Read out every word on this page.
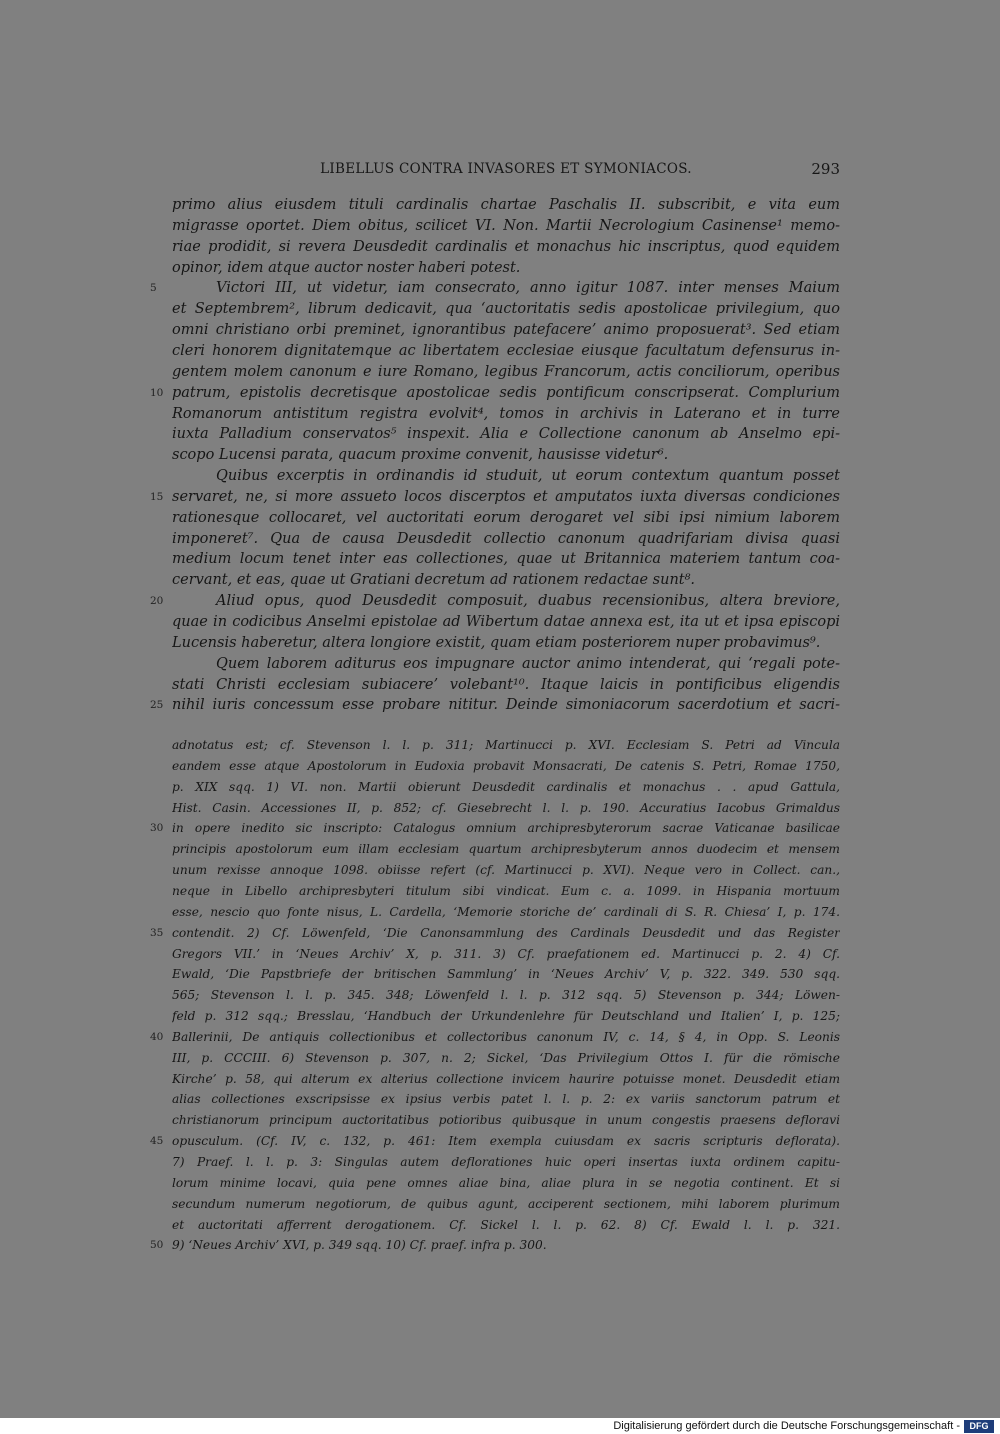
LIBELLUS CONTRA INVASORES ET SYMONIACOS.	293
primo alius eiusdem tituli cardinalis chartae Paschalis II. subscribit, e vita eum
migrasse oportet. Diem obitus, scilicet VI. Non. Martii Necrologium Casinense¹ memo-
riae prodidit, si revera Deusdedit cardinalis et monachus hic inscriptus, quod equidem
opinor, idem atque auctor noster haberi potest.
Victori III, ut videtur, iam consecrato, anno igitur 1087. inter menses Maium
5
et Septembrem², librum dedicavit, qua ‘auctoritatis sedis apostolicae privilegium, quo
omni christiano orbi preminet, ignorantibus patefacere’ animo proposuerat³. Sed etiam
cleri honorem dignitatemque ac libertatem ecclesiae eiusque facultatum defensurus in-
gentem molem canonum e iure Romano, legibus Francorum, actis conciliorum, operibus
patrum, epistolis decretisque apostolicae sedis pontificum conscripserat. Complurium
10
Romanorum antistitum registra evolvit⁴, tomos in archivis in Laterano et in turre
iuxta Palladium conservatos⁵ inspexit. Alia e Collectione canonum ab Anselmo epi-
scopo Lucensi parata, quacum proxime convenit, hausisse videtur⁶.
Quibus excerptis in ordinandis id studuit, ut eorum contextum quantum posset
servaret, ne, si more assueto locos discerptos et amputatos iuxta diversas condiciones
15
rationesque collocaret, vel auctoritati eorum derogaret vel sibi ipsi nimium laborem
imponeret⁷. Qua de causa Deusdedit collectio canonum quadrifariam divisa quasi
medium locum tenet inter eas collectiones, quae ut Britannica materiem tantum coa-
cervant, et eas, quae ut Gratiani decretum ad rationem redactae sunt⁸.
Aliud opus, quod Deusdedit composuit, duabus recensionibus, altera breviore,
20
quae in codicibus Anselmi epistolae ad Wibertum datae annexa est, ita ut et ipsa episcopi
Lucensis haberetur, altera longiore existit, quam etiam posteriorem nuper probavimus⁹.
Quem laborem aditurus eos impugnare auctor animo intenderat, qui ‘regali pote-
stati Christi ecclesiam subiacere’ volebant¹⁰. Itaque laicis in pontificibus eligendis
nihil iuris concessum esse probare nititur. Deinde simoniacorum sacerdotium et sacri-
25
adnotatus est; cf. Stevenson l. l. p. 311; Martinucci p. XVI. Ecclesiam S. Petri ad Vincula
eandem esse atque Apostolorum in Eudoxia probavit Monsacrati, De catenis S. Petri, Romae 1750,
p. XIX sqq. 1) VI. non. Martii obierunt Deusdedit cardinalis et monachus . . apud Gattula,
Hist. Casin. Accessiones II, p. 852; cf. Giesebrecht l. l. p. 190. Accuratius Iacobus Grimaldus
in opere inedito sic inscripto: Catalogus omnium archipresbyterorum sacrae Vaticanae basilicae
30
principis apostolorum eum illam ecclesiam quartum archipresbyterum annos duodecim et mensem
unum rexisse annoque 1098. obiisse refert (cf. Martinucci p. XVI). Neque vero in Collect. can.,
neque in Libello archipresbyteri titulum sibi vindicat. Eum c. a. 1099. in Hispania mortuum
esse, nescio quo fonte nisus, L. Cardella, ‘Memorie storiche de’ cardinali di S. R. Chiesa’ I, p. 174.
contendit. 2) Cf. Löwenfeld, ‘Die Canonsammlung des Cardinals Deusdedit und das Register
35
Gregors VII.’ in ‘Neues Archiv’ X, p. 311. 3) Cf. praefationem ed. Martinucci p. 2. 4) Cf.
Ewald, ‘Die Papstbriefe der britischen Sammlung’ in ‘Neues Archiv’ V, p. 322. 349. 530 sqq.
565; Stevenson l. l. p. 345. 348; Löwenfeld l. l. p. 312 sqq. 5) Stevenson p. 344; Löwen-
feld p. 312 sqq.; Bresslau, ‘Handbuch der Urkundenlehre für Deutschland und Italien’ I, p. 125;
Ballerinii, De antiquis collectionibus et collectoribus canonum IV, c. 14, § 4, in Opp. S. Leonis
40
III, p. CCCIII. 6) Stevenson p. 307, n. 2; Sickel, ‘Das Privilegium Ottos I. für die römische
Kirche’ p. 58, qui alterum ex alterius collectione invicem haurire potuisse monet. Deusdedit etiam
alias collectiones exscripsisse ex ipsius verbis patet l. l. p. 2: ex variis sanctorum patrum et
christianorum principum auctoritatibus potioribus quibusque in unum congestis praesens defloravi
opusculum. (Cf. IV, c. 132, p. 461: Item exempla cuiusdam ex sacris scripturis deflorata).
45
7) Praef. l. l. p. 3: Singulas autem deflorationes huic operi insertas iuxta ordinem capitu-
lorum minime locavi, quia pene omnes aliae bina, aliae plura in se negotia continent. Et si
secundum numerum negotiorum, de quibus agunt, acciperent sectionem, mihi laborem plurimum
et auctoritati afferrent derogationem. Cf. Sickel l. l. p. 62. 8) Cf. Ewald l. l. p. 321.
9) ‘Neues Archiv’ XVI, p. 349 sqq. 10) Cf. praef. infra p. 300.
50
Digitalisierung gefördert durch die Deutsche Forschungsgemeinschaft -	DFG
